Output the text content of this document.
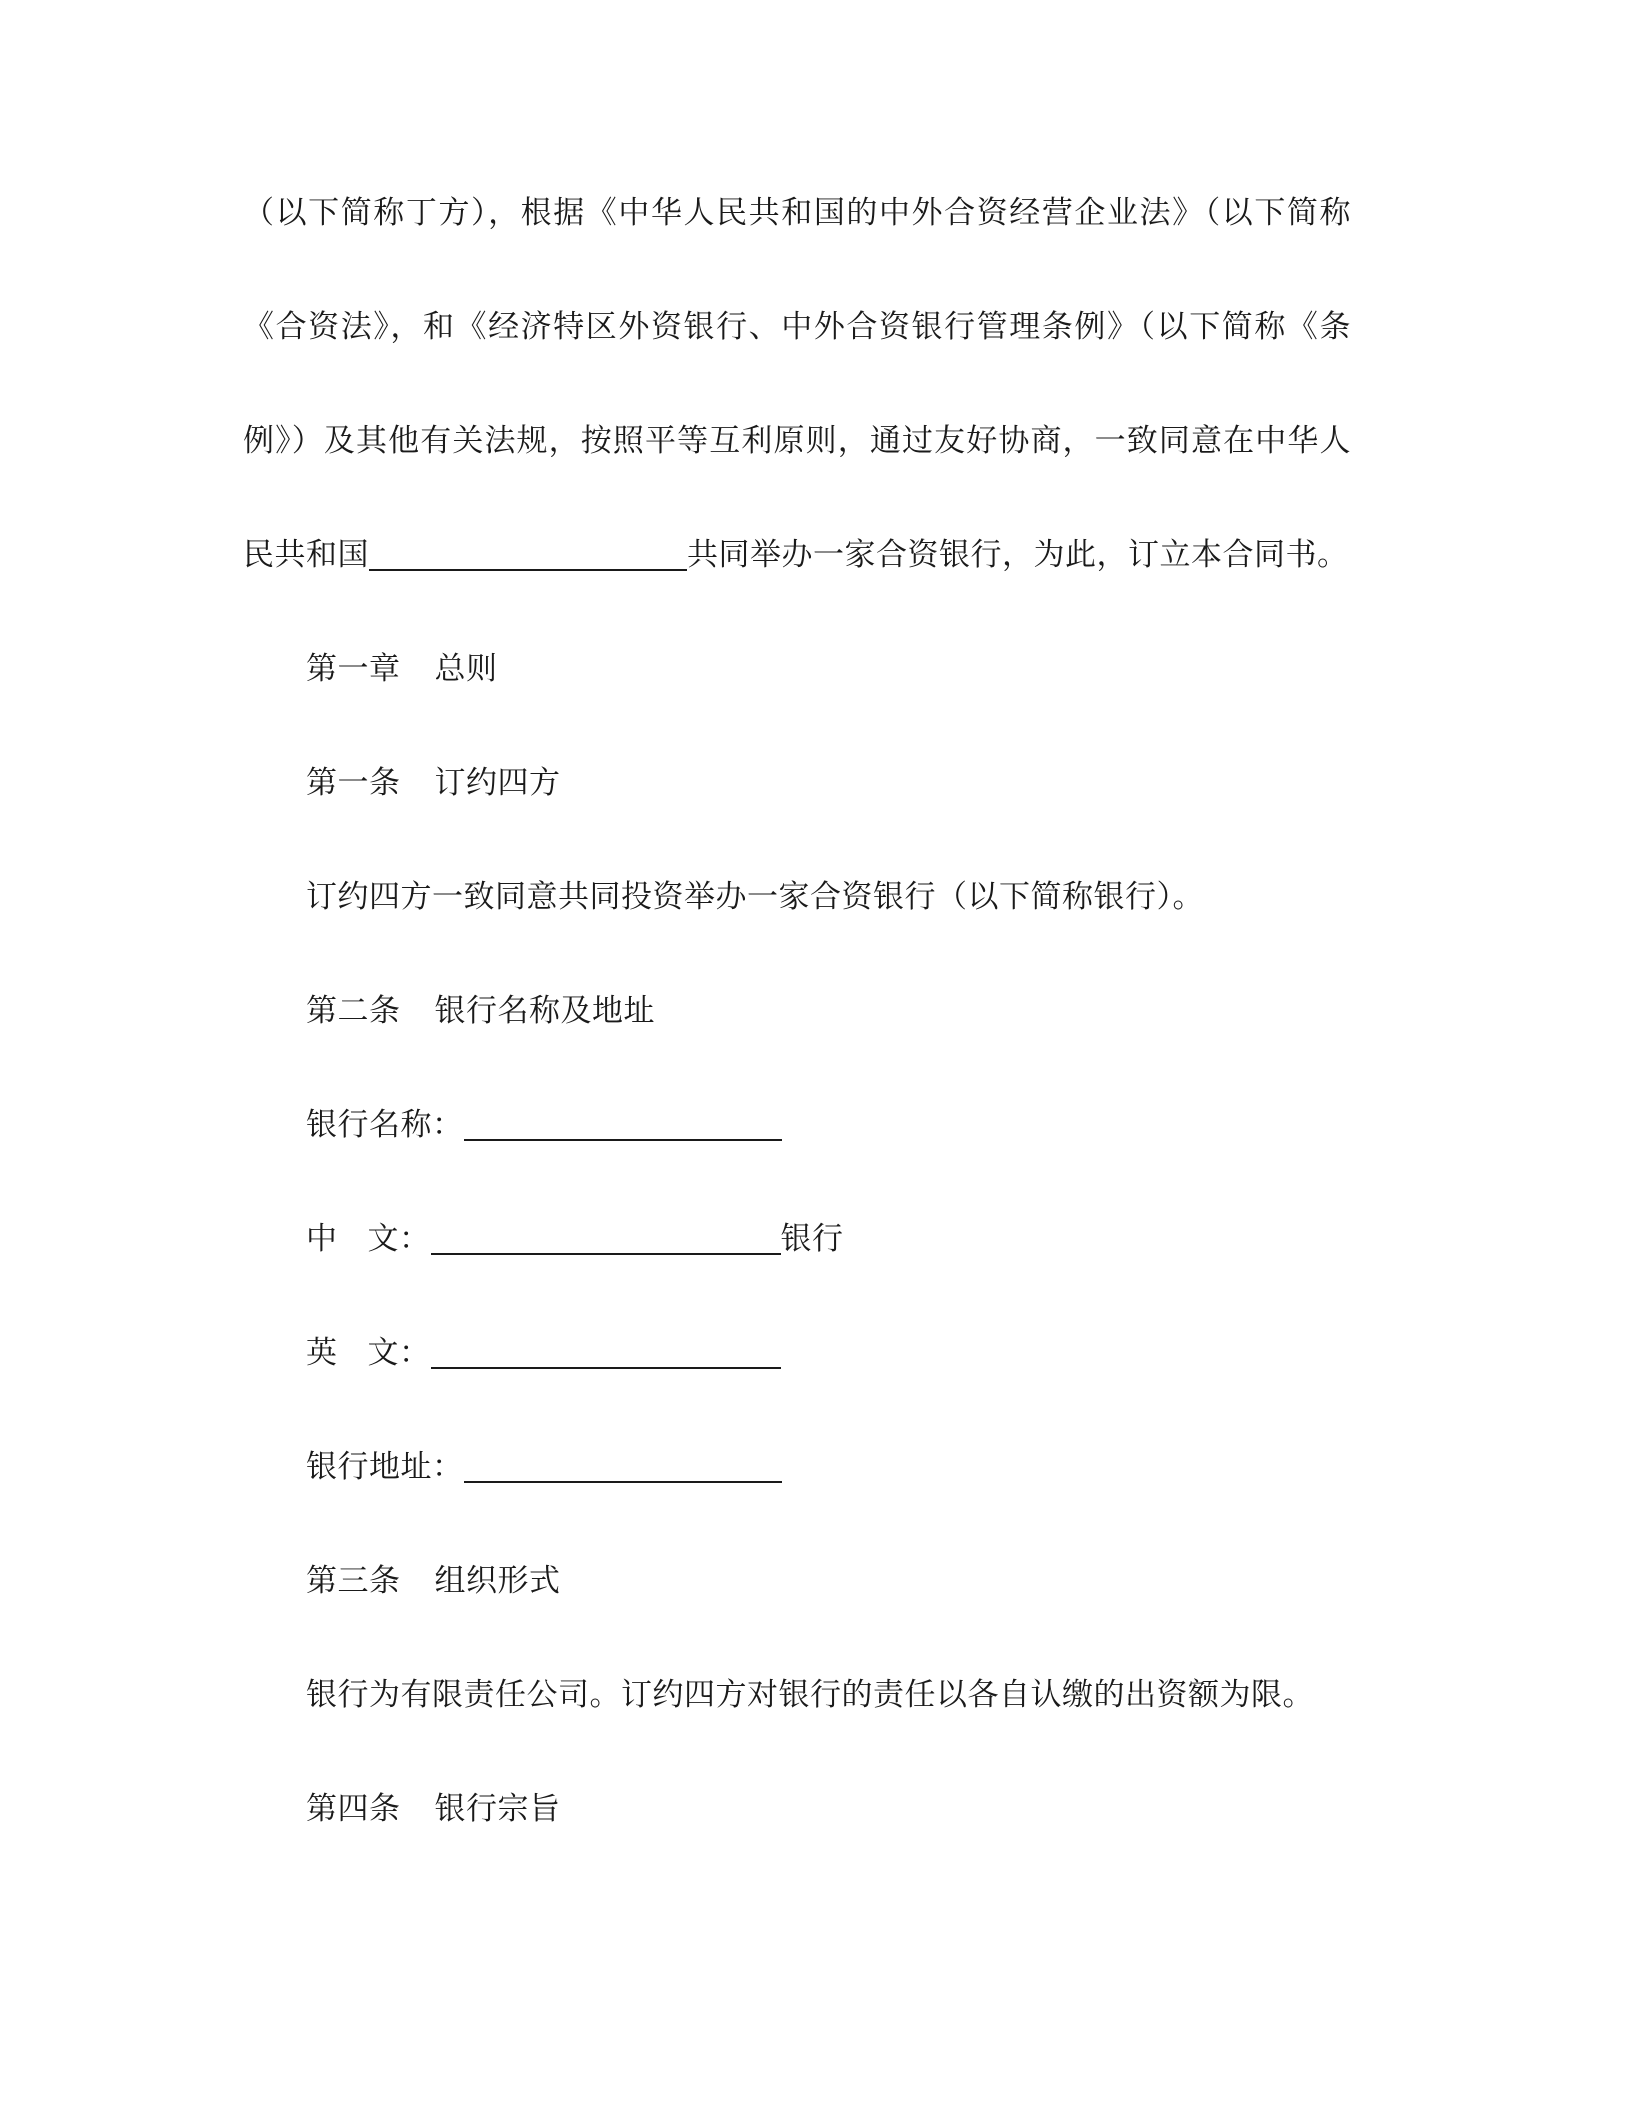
（以下简称丁方），根据《中华人民共和国的中外合资经营企业法》（以下简称
《合资法》，和《经济特区外资银行、中外合资银行管理条例》（以下简称《条
例》）及其他有关法规，按照平等互利原则，通过友好协商，一致同意在中华人
民共和国	共同举办一家合资银行，为此，订立本合同书。
第一章 总则
第一条 订约四方
订约四方一致同意共同投资举办一家合资银行（以下简称银行）。
第二条 银行名称及地址
银行名称：
中 文：	银行
英 文：
银行地址：
第三条 组织形式
银行为有限责任公司。订约四方对银行的责任以各自认缴的出资额为限。
第四条 银行宗旨
